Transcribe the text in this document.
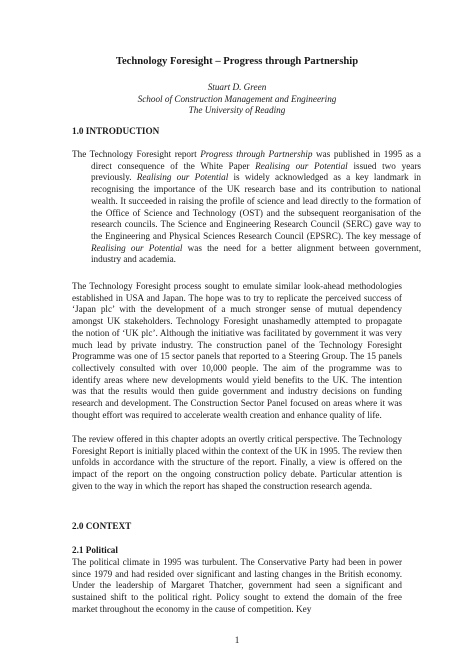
Technology Foresight – Progress through Partnership
Stuart D. Green
School of Construction Management and Engineering
The University of Reading
1.0 INTRODUCTION
The Technology Foresight report Progress through Partnership was published in 1995 as a direct consequence of the White Paper Realising our Potential issued two years previously. Realising our Potential is widely acknowledged as a key landmark in recognising the importance of the UK research base and its contribution to national wealth. It succeeded in raising the profile of science and lead directly to the formation of the Office of Science and Technology (OST) and the subsequent reorganisation of the research councils. The Science and Engineering Research Council (SERC) gave way to the Engineering and Physical Sciences Research Council (EPSRC). The key message of Realising our Potential was the need for a better alignment between government, industry and academia.
The Technology Foresight process sought to emulate similar look-ahead methodologies established in USA and Japan. The hope was to try to replicate the perceived success of ‘Japan plc’ with the development of a much stronger sense of mutual dependency amongst UK stakeholders. Technology Foresight unashamedly attempted to propagate the notion of ‘UK plc’. Although the initiative was facilitated by government it was very much lead by private industry. The construction panel of the Technology Foresight Programme was one of 15 sector panels that reported to a Steering Group. The 15 panels collectively consulted with over 10,000 people. The aim of the programme was to identify areas where new developments would yield benefits to the UK. The intention was that the results would then guide government and industry decisions on funding research and development. The Construction Sector Panel focused on areas where it was thought effort was required to accelerate wealth creation and enhance quality of life.
The review offered in this chapter adopts an overtly critical perspective. The Technology Foresight Report is initially placed within the context of the UK in 1995. The review then unfolds in accordance with the structure of the report. Finally, a view is offered on the impact of the report on the ongoing construction policy debate. Particular attention is given to the way in which the report has shaped the construction research agenda.
2.0 CONTEXT
2.1 Political
The political climate in 1995 was turbulent. The Conservative Party had been in power since 1979 and had resided over significant and lasting changes in the British economy. Under the leadership of Margaret Thatcher, government had seen a significant and sustained shift to the political right. Policy sought to extend the domain of the free market throughout the economy in the cause of competition. Key
1
